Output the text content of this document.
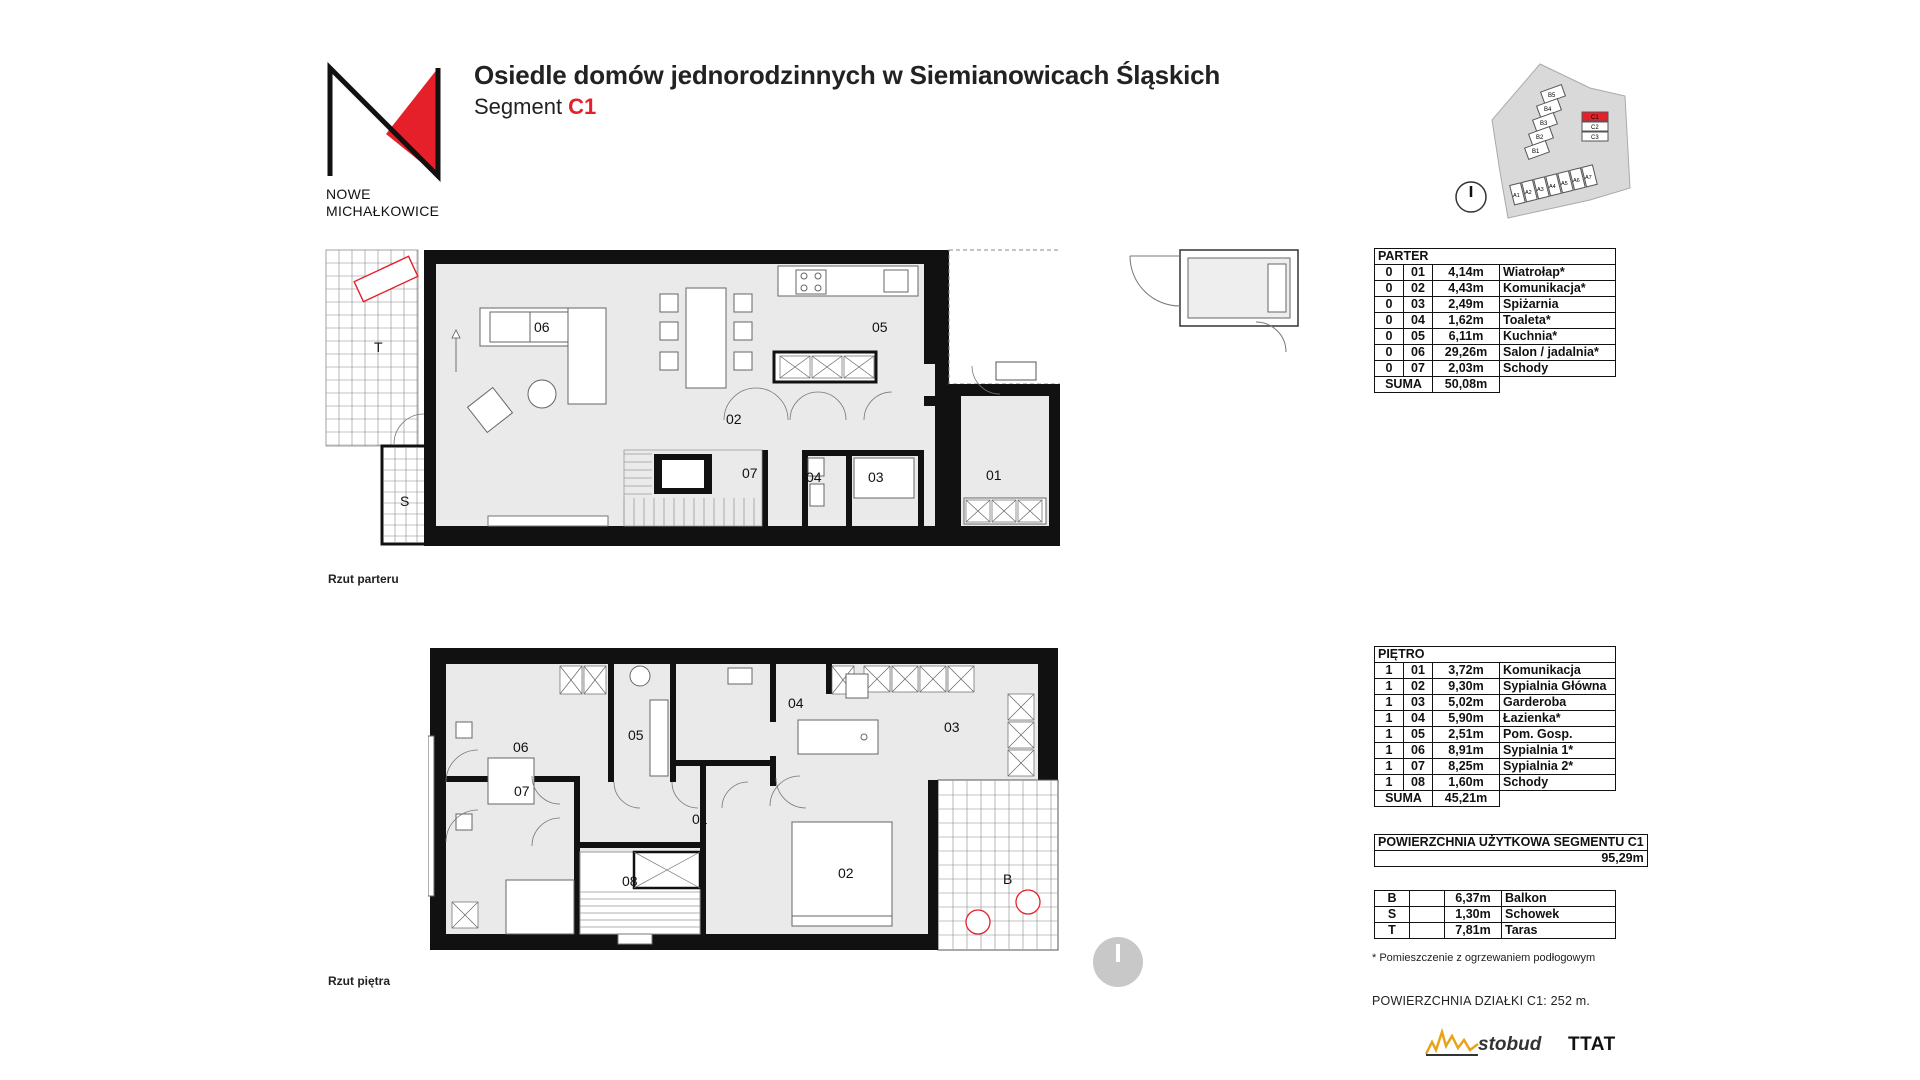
Osiedle domów jednorodzinnych w Siemianowicach Śląskich
Segment C1
NOWE
MICHAŁKOWICE
B5
B4
B3
B2
B1
C1
C2
C3
A1 A2 A3 A4 A5 A6 A7
06	05
02
07	04	03	01
T
S
Rzut parteru
06
07
05
04
03
01
02
08	B
Rzut piętra
PARTER			
0	01	4,14m	Wiatrołap*
0	02	4,43m	Komunikacja*
0	03	2,49m	Spiżarnia
0	04	1,62m	Toaleta*
0	05	6,11m	Kuchnia*
0	06	29,26m	Salon / jadalnia*
0	07	2,03m	Schody
SUMA		50,08m	
PIĘTRO			
1	01	3,72m	Komunikacja
1	02	9,30m	Sypialnia Główna
1	03	5,02m	Garderoba
1	04	5,90m	Łazienka*
1	05	2,51m	Pom. Gosp.
1	06	8,91m	Sypialnia 1*
1	07	8,25m	Sypialnia 2*
1	08	1,60m	Schody
SUMA		45,21m	
POWIERZCHNIA UŻYTKOWA SEGMENTU C1
	95,29m
B		6,37m	Balkon
S		1,30m	Schowek
T		7,81m	Taras
* Pomieszczenie z ogrzewaniem podłogowym
POWIERZCHNIA DZIAŁKI C1: 252 m.
stobud TTAT
